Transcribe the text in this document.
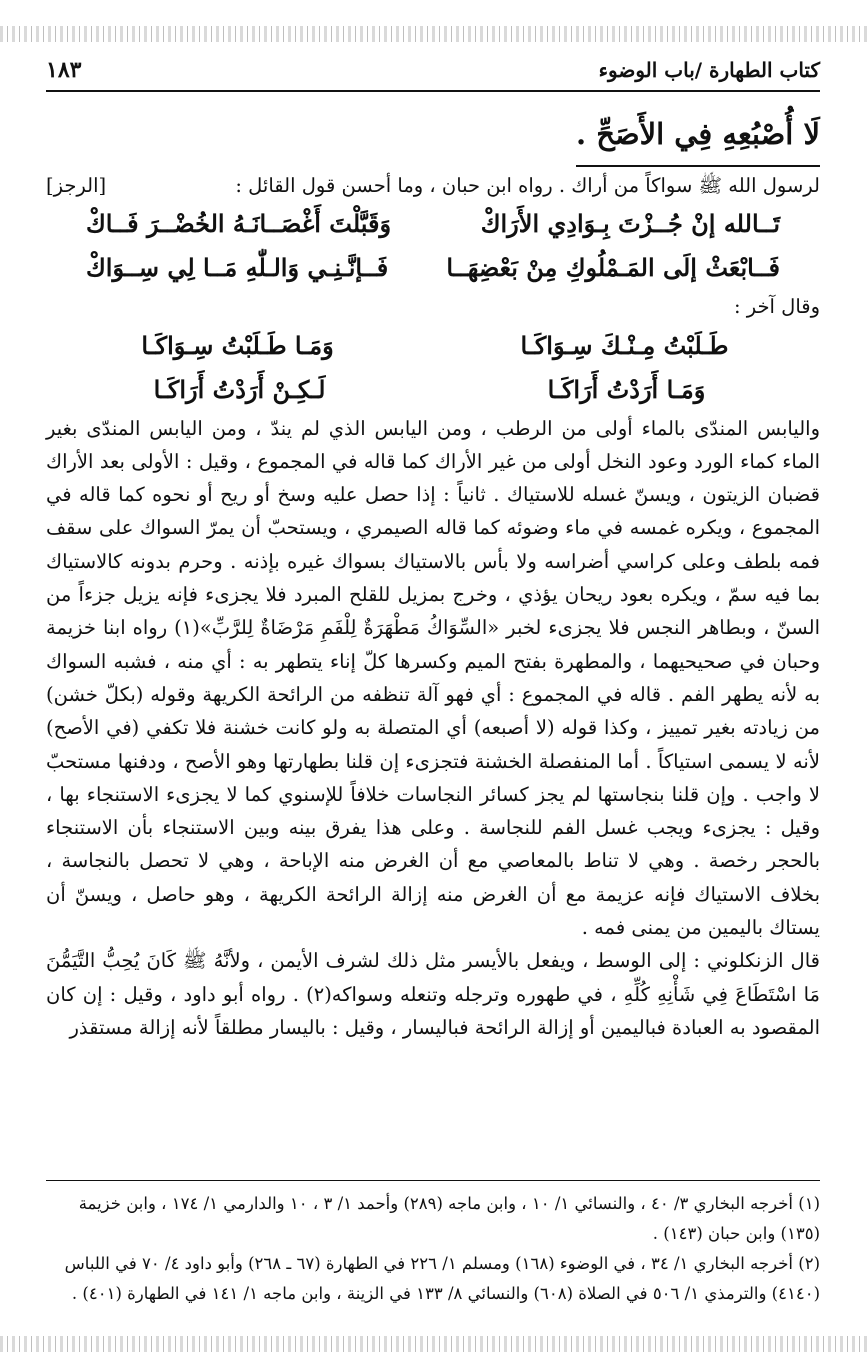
كتاب الطهارة /باب الوضوء
١٨٣
لَا أُصْبُعِهِ فِي الأَصَحِّ .
لرسول الله ﷺ سواكاً من أراك . رواه ابن حبان ، وما أحسن قول القائل :
[الرجز]
تَــالله إنْ جُــزْتَ بِـوَادِي الأَرَاكْ
وَقَبَّلْتَ أَغْصَــانَـهُ الخُضْــرَ فَــاكْ
فَــابْعَثْ إلَى المَـمْلُوكِ مِنْ بَعْضِهَــا
فَــإنَّـنِـي وَالـلّٰهِ مَــا لِي سِــوَاكْ
وقال آخر :
طَـلَبْتُ مِـنْـكَ سِـوَاكَـا
وَمَـا طَـلَبْتُ سِـوَاكَـا
وَمَـا أَرَدْتُ أَرَاكَـا
لَـكِـنْ أَرَدْتُ أَرَاكَـا

واليابس المندّى بالماء أولى من الرطب ، ومن اليابس الذي لم يندّ ، ومن اليابس المندّى بغير الماء كماء الورد وعود النخل أولى من غير الأراك كما قاله في المجموع ، وقيل : الأولى بعد الأراك قضبان الزيتون ، ويسنّ غسله للاستياك . ثانياً : إذا حصل عليه وسخ أو ريح أو نحوه كما قاله في المجموع ، ويكره غمسه في ماء وضوئه كما قاله الصيمري ، ويستحبّ أن يمرّ السواك على سقف فمه بلطف وعلى كراسي أضراسه ولا بأس بالاستياك بسواك غيره بإذنه . وحرم بدونه كالاستياك بما فيه سمّ ، ويكره بعود ريحان يؤذي ، وخرج بمزيل للقلح المبرد فلا يجزىء فإنه يزيل جزءاً من السنّ ، وبطاهر النجس فلا يجزىء لخبر «السِّوَاكُ مَطْهَرَةٌ لِلْفَمِ مَرْضَاةٌ لِلرَّبِّ»(١) رواه ابنا خزيمة وحبان في صحيحيهما ، والمطهرة بفتح الميم وكسرها كلّ إناء يتطهر به : أي منه ، فشبه السواك به لأنه يطهر الفم . قاله في المجموع : أي فهو آلة تنظفه من الرائحة الكريهة وقوله (بكلّ خشن) من زيادته بغير تمييز ، وكذا قوله (لا أصبعه) أي المتصلة به ولو كانت خشنة فلا تكفي (في الأصح) لأنه لا يسمى استياكاً . أما المنفصلة الخشنة فتجزىء إن قلنا بطهارتها وهو الأصح ، ودفنها مستحبّ لا واجب . وإن قلنا بنجاستها لم يجز كسائر النجاسات خلافاً للإسنوي كما لا يجزىء الاستنجاء بها ، وقيل : يجزىء ويجب غسل الفم للنجاسة . وعلى هذا يفرق بينه وبين الاستنجاء بأن الاستنجاء بالحجر رخصة . وهي لا تناط بالمعاصي مع أن الغرض منه الإباحة ، وهي لا تحصل بالنجاسة ، بخلاف الاستياك فإنه عزيمة مع أن الغرض منه إزالة الرائحة الكريهة ، وهو حاصل ، ويسنّ أن يستاك باليمين من يمنى فمه .

قال الزنكلوني : إلى الوسط ، ويفعل بالأيسر مثل ذلك لشرف الأيمن ، ولأنَّهُ ﷺ كَانَ يُحِبُّ التَّيَمُّنَ مَا اسْتَطَاعَ فِي شَأْنِهِ كُلِّهِ ، في طهوره وترجله وتنعله وسواكه(٢) . رواه أبو داود ، وقيل : إن كان المقصود به العبادة فباليمين أو إزالة الرائحة فباليسار ، وقيل : باليسار مطلقاً لأنه إزالة مستقذر

(١) أخرجه البخاري ٣/ ٤٠ ، والنسائي ١/ ١٠ ، وابن ماجه (٢٨٩) وأحمد ١/ ٣ ، ١٠ والدارمي ١/ ١٧٤ ، وابن خزيمة (١٣٥) وابن حبان (١٤٣) .

(٢) أخرجه البخاري ١/ ٣٤ ، في الوضوء (١٦٨) ومسلم ١/ ٢٢٦ في الطهارة (٦٧ ـ ٢٦٨) وأبو داود ٤/ ٧٠ في اللباس (٤١٤٠) والترمذي ١/ ٥٠٦ في الصلاة (٦٠٨) والنسائي ٨/ ١٣٣ في الزينة ، وابن ماجه ١/ ١٤١ في الطهارة (٤٠١) .
